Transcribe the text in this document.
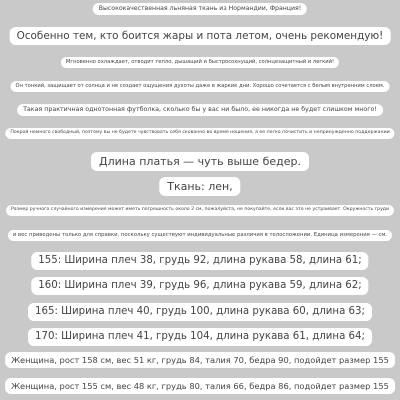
Высококачественная льняная ткань из Нормандии, Франция!
Особенно тем, кто боится жары и пота летом, очень рекомендую!
Мгновенно охлаждает, отводит тепло, дышащий и быстросохнущий, солнцезащитный и легкий!
Он тонкий, защищает от солнца и не создает ощущения духоты даже в жаркие дни. Хорошо сочетается с белым внутренним слоем.
Такая практичная однотонная футболка, сколько бы у вас ни было, ее никогда не будет слишком много!
Покрой немного свободный, поэтому вы не будете чувствовать себя скованно во время ношения, а ее легко почистить и непринужденно поддержании
Длина платья — чуть выше бедер.
Ткань: лен,
Размер ручного случайного измерения может иметь погрешность около 2 см, пожалуйста, не покупайте, если вас это не устраивает. Окружность груди
и вес приведены только для справки, поскольку существуют индивидуальные различия в телосложении. Единица измерения — см.
155: Ширина плеч 38, грудь 92, длина рукава 58, длина 61;
160: Ширина плеч 39, грудь 96, длина рукава 59, длина 62;
165: Ширина плеч 40, грудь 100, длина рукава 60, длина 63;
170: Ширина плеч 41, грудь 104, длина рукава 61, длина 64;
Женщина, рост 158 см, вес 51 кг, грудь 84, талия 70, бедра 90, подойдет размер 155
Женщина, рост 155 см, вес 48 кг, грудь 80, талия 66, бедра 86, подойдет размер 155
